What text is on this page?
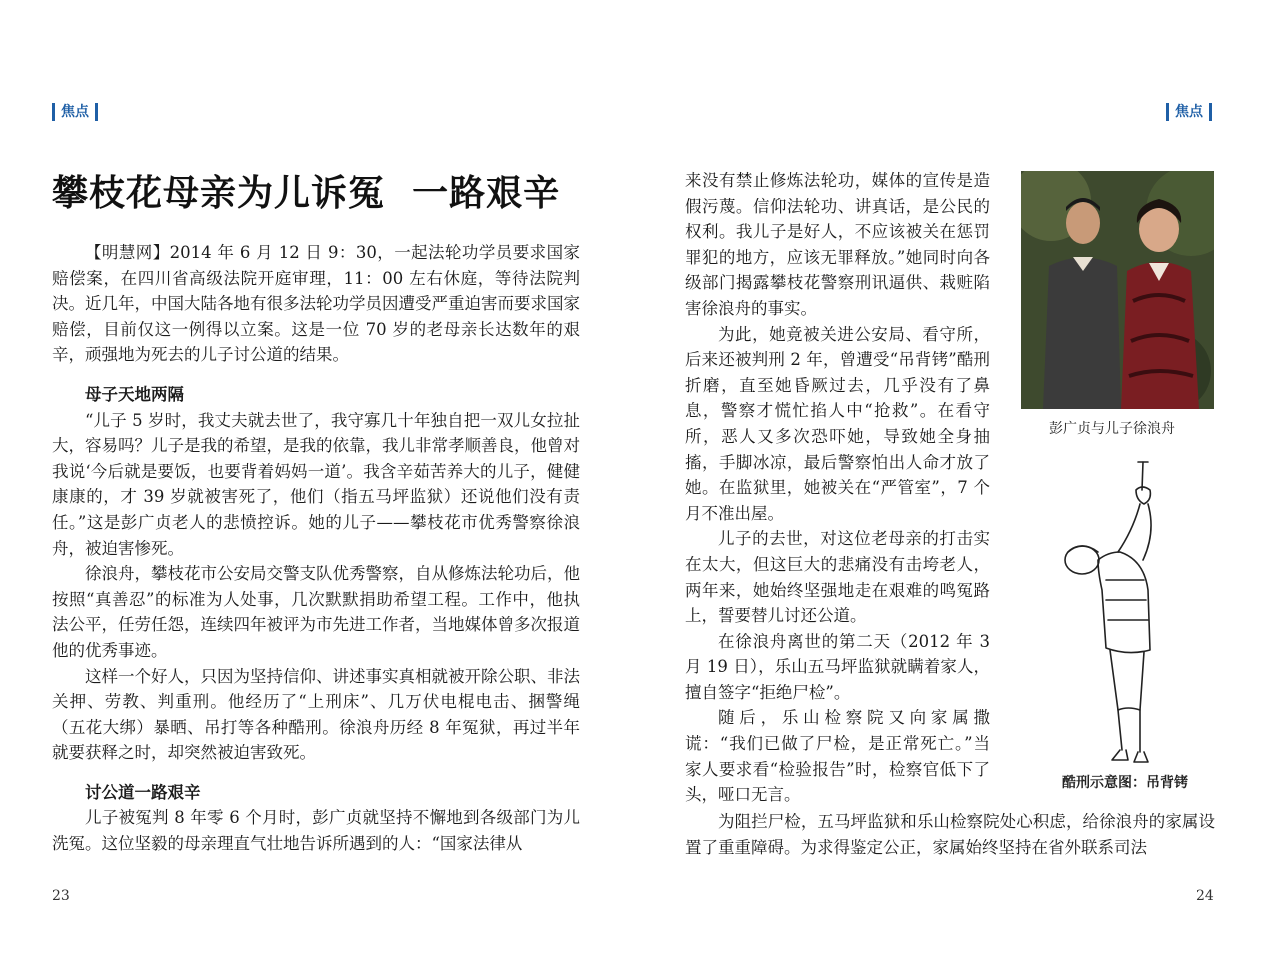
焦点	焦点
攀枝花母亲为儿诉冤  一路艰辛

【明慧网】2014 年 6 月 12 日 9：30，一起法轮功学员要求国家赔偿案，在四川省高级法院开庭审理，11：00 左右休庭，等待法院判决。近几年，中国大陆各地有很多法轮功学员因遭受严重迫害而要求国家赔偿，目前仅这一例得以立案。这是一位 70 岁的老母亲长达数年的艰辛，顽强地为死去的儿子讨公道的结果。

母子天地两隔

“儿子 5 岁时，我丈夫就去世了，我守寡几十年独自把一双儿女拉扯大，容易吗？儿子是我的希望，是我的依靠，我儿非常孝顺善良，他曾对我说‘今后就是要饭，也要背着妈妈一道’。我含辛茹苦养大的儿子，健健康康的，才 39 岁就被害死了，他们（指五马坪监狱）还说他们没有责任。”这是彭广贞老人的悲愤控诉。她的儿子——攀枝花市优秀警察徐浪舟，被迫害惨死。

徐浪舟，攀枝花市公安局交警支队优秀警察，自从修炼法轮功后，他按照“真善忍”的标准为人处事，几次默默捐助希望工程。工作中，他执法公平，任劳任怨，连续四年被评为市先进工作者，当地媒体曾多次报道他的优秀事迹。

这样一个好人，只因为坚持信仰、讲述事实真相就被开除公职、非法关押、劳教、判重刑。他经历了“上刑床”、几万伏电棍电击、捆警绳（五花大绑）暴晒、吊打等各种酷刑。徐浪舟历经 8 年冤狱，再过半年就要获释之时，却突然被迫害致死。

讨公道一路艰辛

儿子被冤判 8 年零 6 个月时，彭广贞就坚持不懈地到各级部门为儿洗冤。这位坚毅的母亲理直气壮地告诉所遇到的人：“国家法律从

来没有禁止修炼法轮功，媒体的宣传是造假污蔑。信仰法轮功、讲真话，是公民的权利。我儿子是好人，不应该被关在惩罚罪犯的地方，应该无罪释放。”她同时向各级部门揭露攀枝花警察刑讯逼供、栽赃陷害徐浪舟的事实。

为此，她竟被关进公安局、看守所，后来还被判刑 2 年，曾遭受“吊背铐”酷刑折磨，直至她昏厥过去，几乎没有了鼻息，警察才慌忙掐人中“抢救”。在看守所，恶人又多次恐吓她，导致她全身抽搐，手脚冰凉，最后警察怕出人命才放了她。在监狱里，她被关在“严管室”，7 个月不准出屋。

儿子的去世，对这位老母亲的打击实在太大，但这巨大的悲痛没有击垮老人，两年来，她始终坚强地走在艰难的鸣冤路上，誓要替儿讨还公道。

在徐浪舟离世的第二天（2012 年 3 月 19 日），乐山五马坪监狱就瞒着家人，擅自签字“拒绝尸检”。

随后，乐山检察院又向家属撒谎：“我们已做了尸检，是正常死亡。”当家人要求看“检验报告”时，检察官低下了头，哑口无言。

为阻拦尸检，五马坪监狱和乐山检察院处心积虑，给徐浪舟的家属设置了重重障碍。为求得鉴定公正，家属始终坚持在省外联系司法

彭广贞与儿子徐浪舟
酷刑示意图：吊背铐
23	24
